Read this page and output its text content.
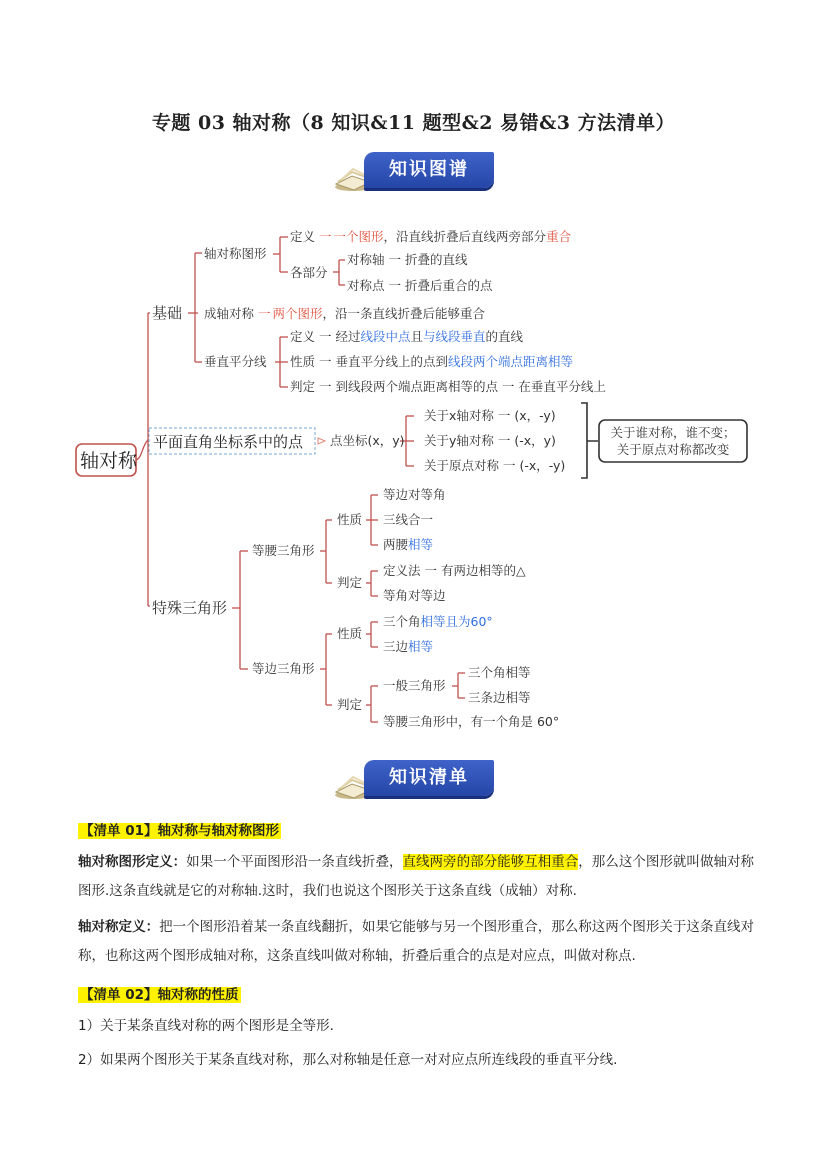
专题 03 轴对称（8 知识&11 题型&2 易错&3 方法清单）
知识图谱
轴对称
基础
轴对称图形
定义 一 一个图形，沿直线折叠后直线两旁部分重合
各部分
对称轴 一 折叠的直线
对称点 一 折叠后重合的点
成轴对称 一 两个图形，沿一条直线折叠后能够重合
垂直平分线
定义 一 经过线段中点且与线段垂直的直线
性质 一 垂直平分线上的点到线段两个端点距离相等
判定 一 到线段两个端点距离相等的点 一 在垂直平分线上
平面直角坐标系中的点 点坐标(x，y)
关于x轴对称 一 (x，-y)
关于y轴对称 一 (-x，y)
关于原点对称 一 (-x，-y)
关于谁对称，谁不变；
关于原点对称都改变
特殊三角形
等腰三角形
性质
等边对等角
三线合一
两腰相等
判定
定义法 一 有两边相等的△
等角对等边
等边三角形
性质
三个角相等且为60°
三边相等
判定
一般三角形
三个角相等
三条边相等
等腰三角形中，有一个角是 60°
知识清单
【清单 01】轴对称与轴对称图形
轴对称图形定义：如果一个平面图形沿一条直线折叠，直线两旁的部分能够互相重合，那么这个图形就叫做轴对称图形.这条直线就是它的对称轴.这时，我们也说这个图形关于这条直线（成轴）对称.
轴对称定义：把一个图形沿着某一条直线翻折，如果它能够与另一个图形重合，那么称这两个图形关于这条直线对称，也称这两个图形成轴对称，这条直线叫做对称轴，折叠后重合的点是对应点，叫做对称点.
【清单 02】轴对称的性质
1）关于某条直线对称的两个图形是全等形.
2）如果两个图形关于某条直线对称，那么对称轴是任意一对对应点所连线段的垂直平分线.
